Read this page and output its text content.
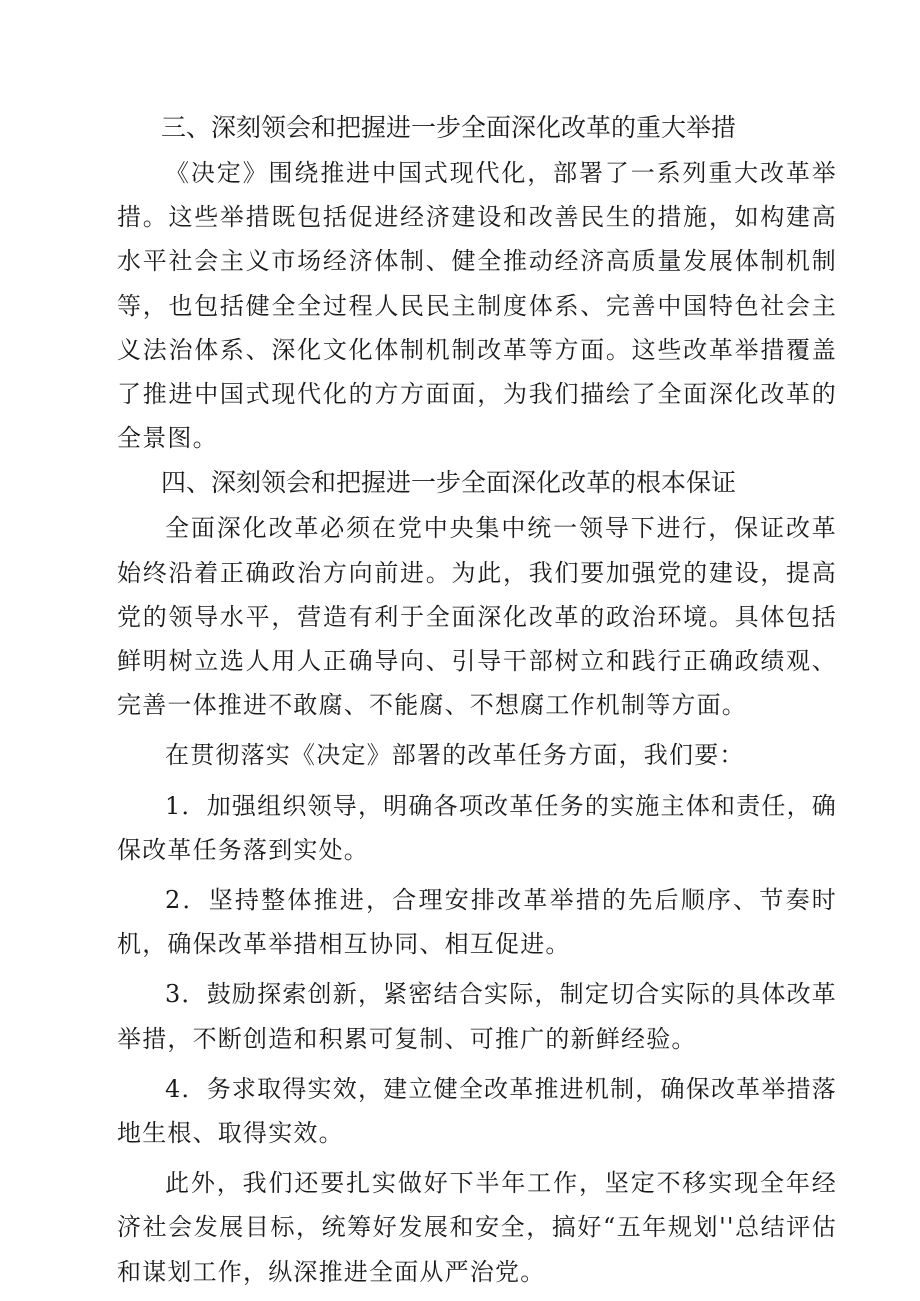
三、深刻领会和把握进一步全面深化改革的重大举措

《决定》围绕推进中国式现代化，部署了一系列重大改革举措。这些举措既包括促进经济建设和改善民生的措施，如构建高水平社会主义市场经济体制、健全推动经济高质量发展体制机制等，也包括健全全过程人民民主制度体系、完善中国特色社会主义法治体系、深化文化体制机制改革等方面。这些改革举措覆盖了推进中国式现代化的方方面面，为我们描绘了全面深化改革的全景图。

四、深刻领会和把握进一步全面深化改革的根本保证

全面深化改革必须在党中央集中统一领导下进行，保证改革始终沿着正确政治方向前进。为此，我们要加强党的建设，提高党的领导水平，营造有利于全面深化改革的政治环境。具体包括鲜明树立选人用人正确导向、引导干部树立和践行正确政绩观、完善一体推进不敢腐、不能腐、不想腐工作机制等方面。

在贯彻落实《决定》部署的改革任务方面，我们要：

1．加强组织领导，明确各项改革任务的实施主体和责任，确保改革任务落到实处。

2．坚持整体推进，合理安排改革举措的先后顺序、节奏时机，确保改革举措相互协同、相互促进。

3．鼓励探索创新，紧密结合实际，制定切合实际的具体改革举措，不断创造和积累可复制、可推广的新鲜经验。

4．务求取得实效，建立健全改革推进机制，确保改革举措落地生根、取得实效。

此外，我们还要扎实做好下半年工作，坚定不移实现全年经济社会发展目标，统筹好发展和安全，搞好“五年规划''总结评估和谋划工作，纵深推进全面从严治党。
